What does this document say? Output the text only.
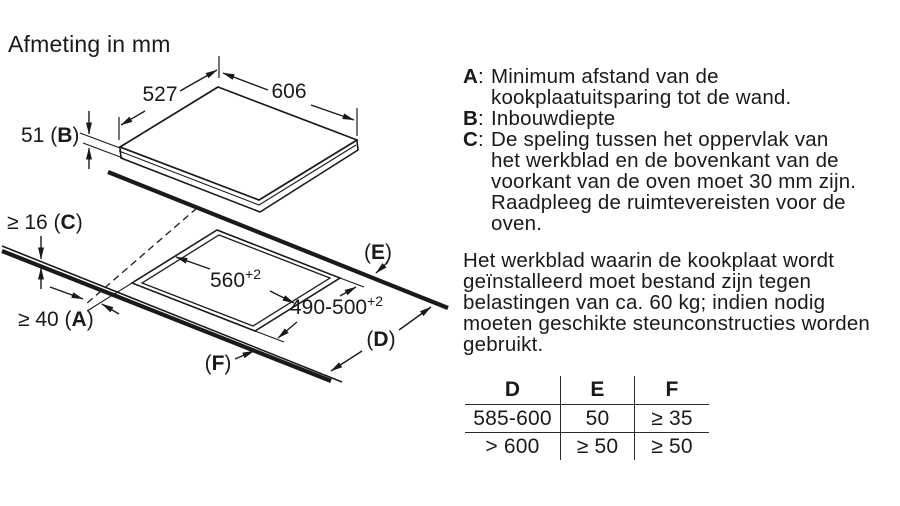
Afmeting in mm
527	606
51 (B)
≥ 16 (C)
≥ 40 (A)
$560^{+2}$
$490-500^{+2}$
(D)
(E)
(F)
A: Minimum afstand van de
kookplaatuitsparing tot de wand.
B: Inbouwdiepte
C: De speling tussen het oppervlak van
het werkblad en de bovenkant van de
voorkant van de oven moet 30 mm zijn.
Raadpleeg de ruimtevereisten voor de
oven.
Het werkblad waarin de kookplaat wordt
geïnstalleerd moet bestand zijn tegen
belastingen van ca. 60 kg; indien nodig
moeten geschikte steunconstructies worden
gebruikt.
D	E	F
585-600	50	≥ 35
> 600	≥ 50	≥ 50
